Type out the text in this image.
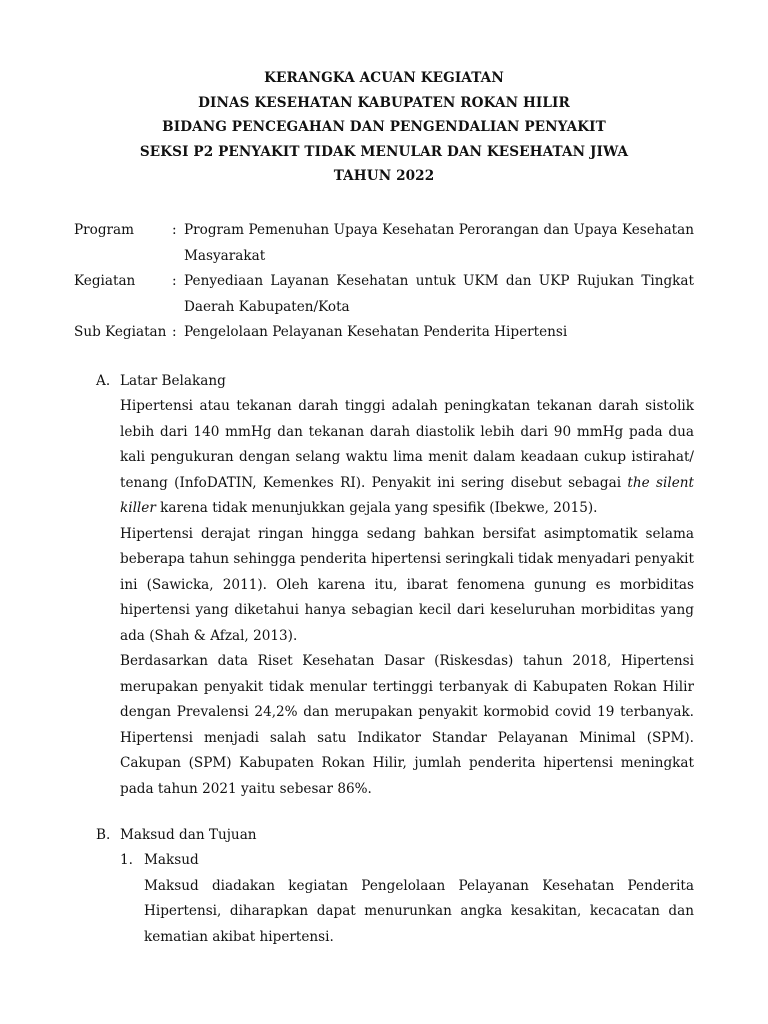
KERANGKA ACUAN KEGIATAN
DINAS KESEHATAN KABUPATEN ROKAN HILIR
BIDANG PENCEGAHAN DAN PENGENDALIAN PENYAKIT
SEKSI P2 PENYAKIT TIDAK MENULAR DAN KESEHATAN JIWA
TAHUN 2022
Program	: Program Pemenuhan Upaya Kesehatan Perorangan dan Upaya Kesehatan Masyarakat
Kegiatan	: Penyediaan Layanan Kesehatan untuk UKM dan UKP Rujukan Tingkat Daerah Kabupaten/Kota
Sub Kegiatan : Pengelolaan Pelayanan Kesehatan Penderita Hipertensi
A. Latar Belakang
Hipertensi atau tekanan darah tinggi adalah peningkatan tekanan darah sistolik lebih dari 140 mmHg dan tekanan darah diastolik lebih dari 90 mmHg pada dua kali pengukuran dengan selang waktu lima menit dalam keadaan cukup istirahat/ tenang (InfoDATIN, Kemenkes RI). Penyakit ini sering disebut sebagai the silent killer karena tidak menunjukkan gejala yang spesifik (Ibekwe, 2015).
Hipertensi derajat ringan hingga sedang bahkan bersifat asimptomatik selama beberapa tahun sehingga penderita hipertensi seringkali tidak menyadari penyakit ini (Sawicka, 2011). Oleh karena itu, ibarat fenomena gunung es morbiditas hipertensi yang diketahui hanya sebagian kecil dari keseluruhan morbiditas yang ada (Shah & Afzal, 2013).
Berdasarkan data Riset Kesehatan Dasar (Riskesdas) tahun 2018, Hipertensi merupakan penyakit tidak menular tertinggi terbanyak di Kabupaten Rokan Hilir dengan Prevalensi 24,2% dan merupakan penyakit kormobid covid 19 terbanyak. Hipertensi menjadi salah satu Indikator Standar Pelayanan Minimal (SPM). Cakupan (SPM) Kabupaten Rokan Hilir, jumlah penderita hipertensi meningkat pada tahun 2021 yaitu sebesar 86%.
B. Maksud dan Tujuan
1. Maksud
Maksud diadakan kegiatan Pengelolaan Pelayanan Kesehatan Penderita Hipertensi, diharapkan dapat menurunkan angka kesakitan, kecacatan dan kematian akibat hipertensi.
